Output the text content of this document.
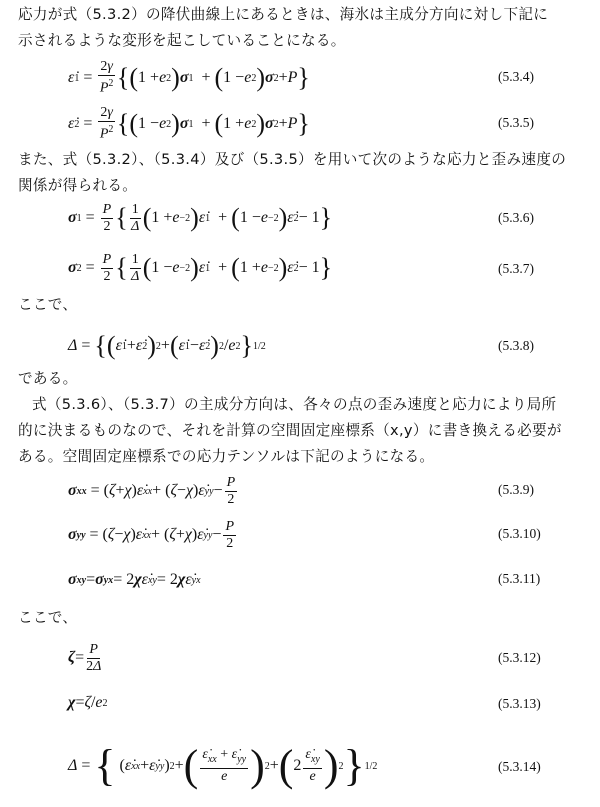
応力が式（5.3.2）の降伏曲線上にあるときは、海氷は主成分方向に対し下記に
示されるような変形を起こしていることになる。
ε̇ $1 = \frac{2\gamma}{P^2}$ { ( 1 + e 2 ) σ 1 + ( 1 − e 2 ) σ 2 + P }	(5.3.4)
ε̇ $2 = \frac{2\gamma}{P^2}$ { ( 1 − e 2 ) σ 1 + ( 1 + e 2 ) σ 2 + P }	(5.3.5)
また、式（5.3.2）、（5.3.4）及び（5.3.5）を用いて次のような応力と歪み速度の
関係が得られる。
σ $1 = \frac{P}{2}$ { $\frac{1}{\Delta}$ ( 1 + e −2 ) ε̇ 1 + ( 1 − e −2 ) ε̇ 2 − 1 }	(5.3.6)
σ $2 = \frac{P}{2}$ { $\frac{1}{\Delta}$ ( 1 − e −2 ) ε̇ 1 + ( 1 + e −2 ) ε̇ 2 − 1 }	(5.3.7)
ここで、
Δ = { ( ε̇ 1 + ε̇ 2 ) 2 + ( ε̇ 1 − ε̇ 2 ) 2 / e 2 } 1/2	(5.3.8)
である。
式（5.3.6）、（5.3.7）の主成分方向は、各々の点の歪み速度と応力により局所
的に決まるものなので、それを計算の空間固定座標系（x,y）に書き換える必要が
ある。空間固定座標系での応力テンソルは下記のようになる。
σ xx = ( ζ + χ ) ε̇ xx + ( ζ − χ ) ε̇ yy − $\frac{P}{2}$	(5.3.9)
σ yy = ( ζ − χ ) ε̇ xx + ( ζ + χ ) ε̇ yy − $\frac{P}{2}$	(5.3.10)
σ xy = σ yx = 2 χ ε̇ xy = 2 χ ε̇ yx	(5.3.11)
ここで、
$\zeta = \frac{P}{2\Delta}$	(5.3.12)
χ = ζ / e 2	(5.3.13)
Δ = { ( ε̇ xx + ε̇ yy ) 2 + ( $\frac{\varepsiloṅ_{xx} + \varepsiloṅ_{yy}}{e}$ ) 2 + ( $2 \frac{\varepsiloṅ_{xy}}{e}$ ) 2 } 1/2	(5.3.14)
